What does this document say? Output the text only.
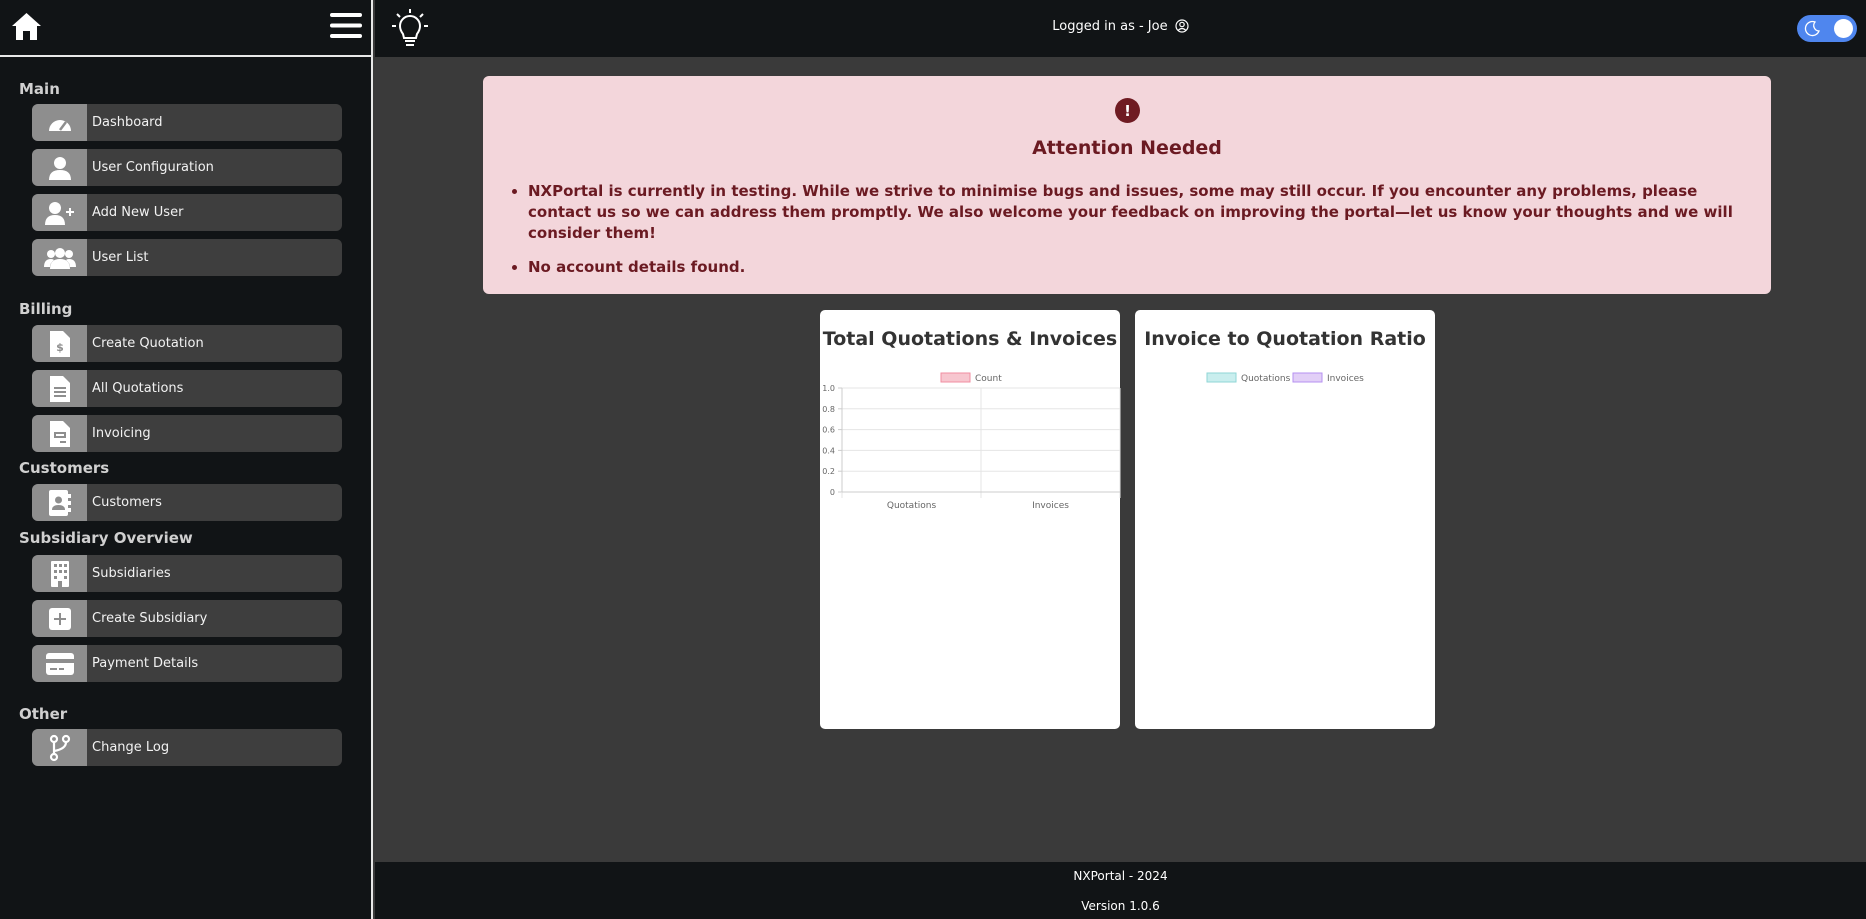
Main
Dashboard
User Configuration
Add New User
User List
Billing
$ Create Quotation
All Quotations
Invoicing
Customers
Customers
Subsidiary Overview
Subsidiaries
Create Subsidiary
Payment Details
Other
Change Log
Logged in as - Joe
!
Attention Needed
• NXPortal is currently in testing. While we strive to minimise bugs and issues, some may still occur. If you encounter any problems, please contact us so we can address them promptly. We also welcome your feedback on improving the portal—let us know your thoughts and we will consider them!
• No account details found.
Total Quotations & Invoices
Count
0
0.2
0.4
0.6
0.8
1.0
Quotations	Invoices
Invoice to Quotation Ratio
Quotations	Invoices
NXPortal - 2024
Version 1.0.6
